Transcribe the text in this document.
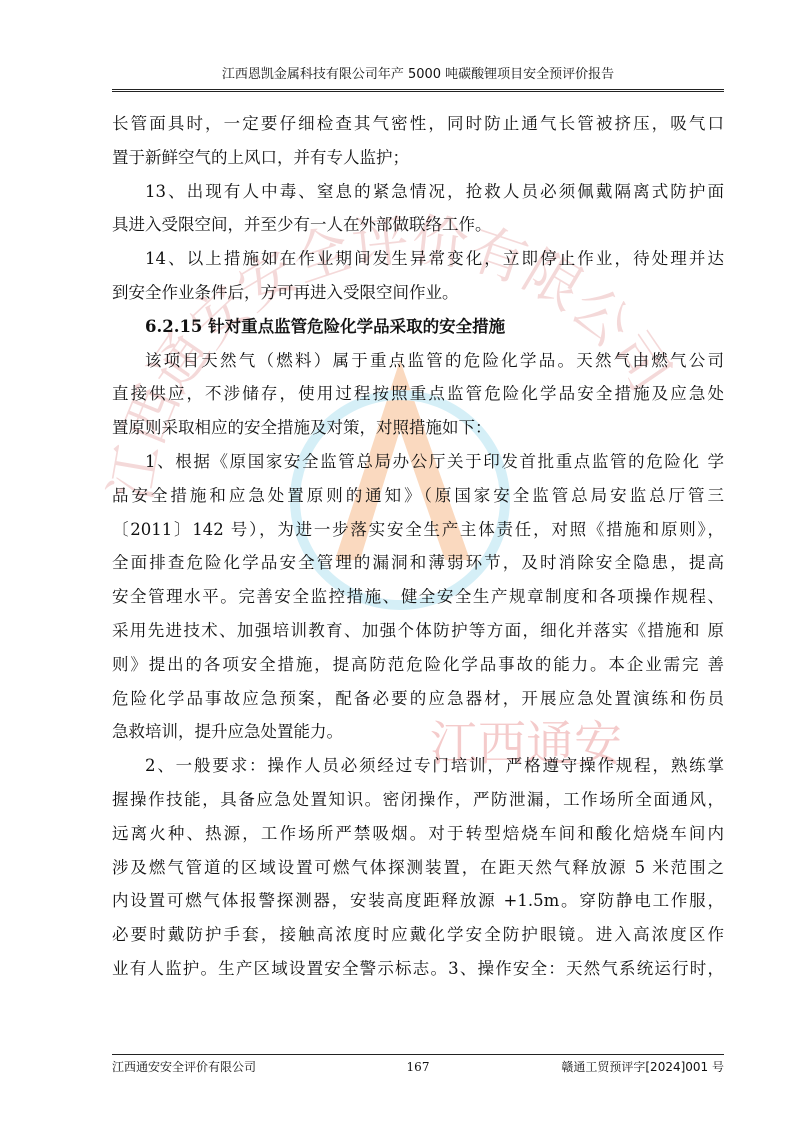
江西恩凯金属科技有限公司年产 5000 吨碳酸锂项目安全预评价报告
江西通安安全评价有限公司
江西通安
长管面具时，一定要仔细检查其气密性，同时防止通气长管被挤压，吸气口
置于新鲜空气的上风口，并有专人监护；
13、出现有人中毒、窒息的紧急情况，抢救人员必须佩戴隔离式防护面
具进入受限空间，并至少有一人在外部做联络工作。
14、以上措施如在作业期间发生异常变化，立即停止作业，待处理并达
到安全作业条件后，方可再进入受限空间作业。
6.2.15 针对重点监管危险化学品采取的安全措施
该项目天然气（燃料）属于重点监管的危险化学品。天然气由燃气公司
直接供应，不涉储存，使用过程按照重点监管危险化学品安全措施及应急处
置原则采取相应的安全措施及对策，对照措施如下：
1、根据《原国家安全监管总局办公厅关于印发首批重点监管的危险化 学
品安全措施和应急处置原则的通知》（原国家安全监管总局安监总厅管三
〔2011〕142 号），为进一步落实安全生产主体责任，对照《措施和原则》，
全面排查危险化学品安全管理的漏洞和薄弱环节，及时消除安全隐患，提高
安全管理水平。完善安全监控措施、健全安全生产规章制度和各项操作规程、
采用先进技术、加强培训教育、加强个体防护等方面，细化并落实《措施和 原
则》提出的各项安全措施，提高防范危险化学品事故的能力。本企业需完 善
危险化学品事故应急预案，配备必要的应急器材，开展应急处置演练和伤员
急救培训，提升应急处置能力。
2、一般要求：操作人员必须经过专门培训，严格遵守操作规程，熟练掌
握操作技能，具备应急处置知识。密闭操作，严防泄漏，工作场所全面通风，
远离火种、热源，工作场所严禁吸烟。对于转型焙烧车间和酸化焙烧车间内
涉及燃气管道的区域设置可燃气体探测装置，在距天然气释放源 5 米范围之
内设置可燃气体报警探测器，安装高度距释放源 +1.5m。穿防静电工作服，
必要时戴防护手套，接触高浓度时应戴化学安全防护眼镜。进入高浓度区作
业有人监护。生产区域设置安全警示标志。3、操作安全：天然气系统运行时，
江西通安安全评价有限公司	167	赣通工贸预评字[2024]001 号
